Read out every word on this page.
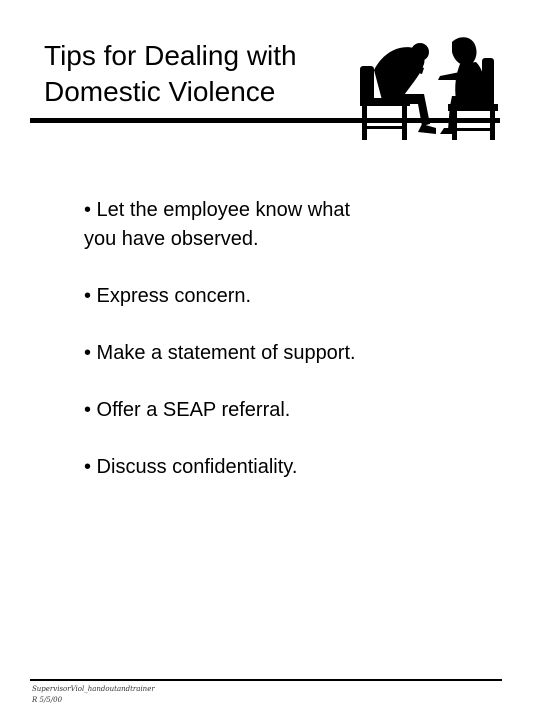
Tips for Dealing with
Domestic Violence
• Let the employee know what
you have observed.
• Express concern.
• Make a statement of support.
• Offer a SEAP referral.
• Discuss confidentiality.
SupervisorViol_handoutandtrainer
R 5/5/00
